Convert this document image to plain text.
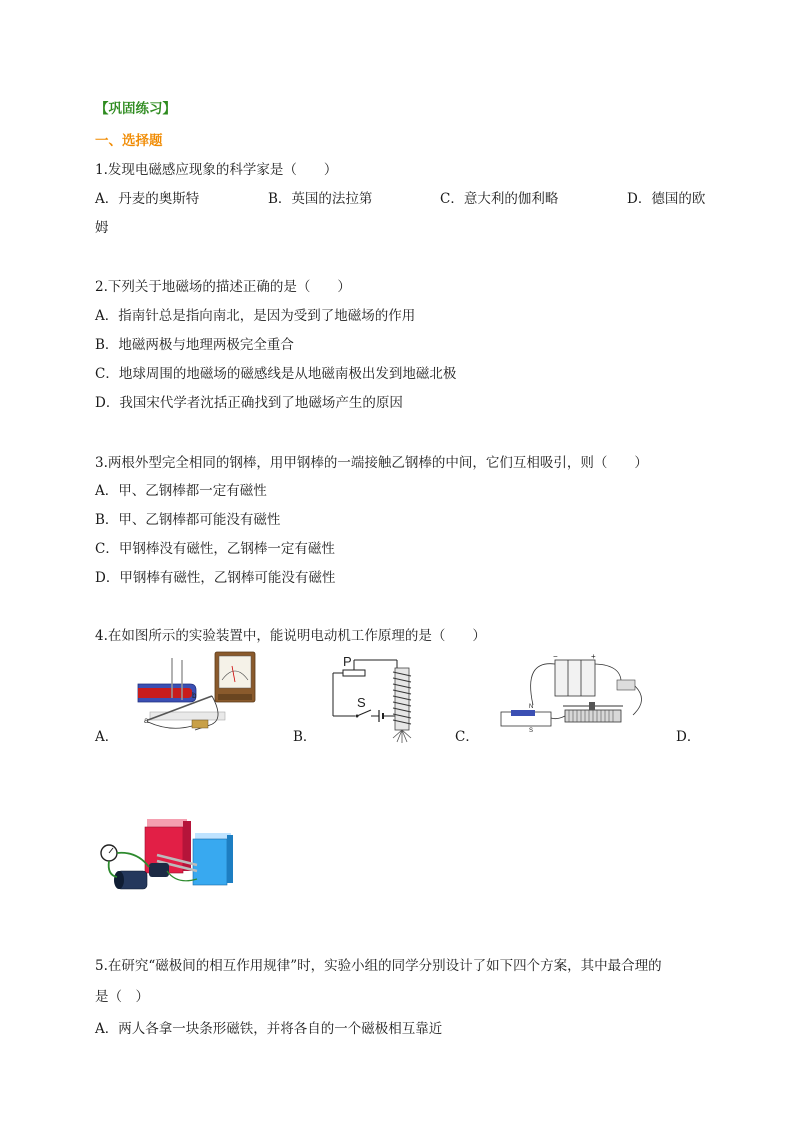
【巩固练习】
一、选择题
1.发现电磁感应现象的科学家是（　　）
A．丹麦的奥斯特	B．英国的法拉第	C．意大利的伽利略	D．德国的欧
姆
2.下列关于地磁场的描述正确的是（　　）
A．指南针总是指向南北，是因为受到了地磁场的作用
B．地磁两极与地理两极完全重合
C．地球周围的地磁场的磁感线是从地磁南极出发到地磁北极
D．我国宋代学者沈括正确找到了地磁场产生的原因
3.两根外型完全相同的钢棒，用甲钢棒的一端接触乙钢棒的中间，它们互相吸引，则（　　）
A．甲、乙钢棒都一定有磁性
B．甲、乙钢棒都可能没有磁性
C．甲钢棒没有磁性，乙钢棒一定有磁性
D．甲钢棒有磁性，乙钢棒可能没有磁性
4.在如图所示的实验装置中，能说明电动机工作原理的是（　　）
A．	B．	C．	D．
b
a
P
S
−	+
N
S
5.在研究“磁极间的相互作用规律”时，实验小组的同学分别设计了如下四个方案，其中最合理的
是（　）
A．两人各拿一块条形磁铁，并将各自的一个磁极相互靠近
